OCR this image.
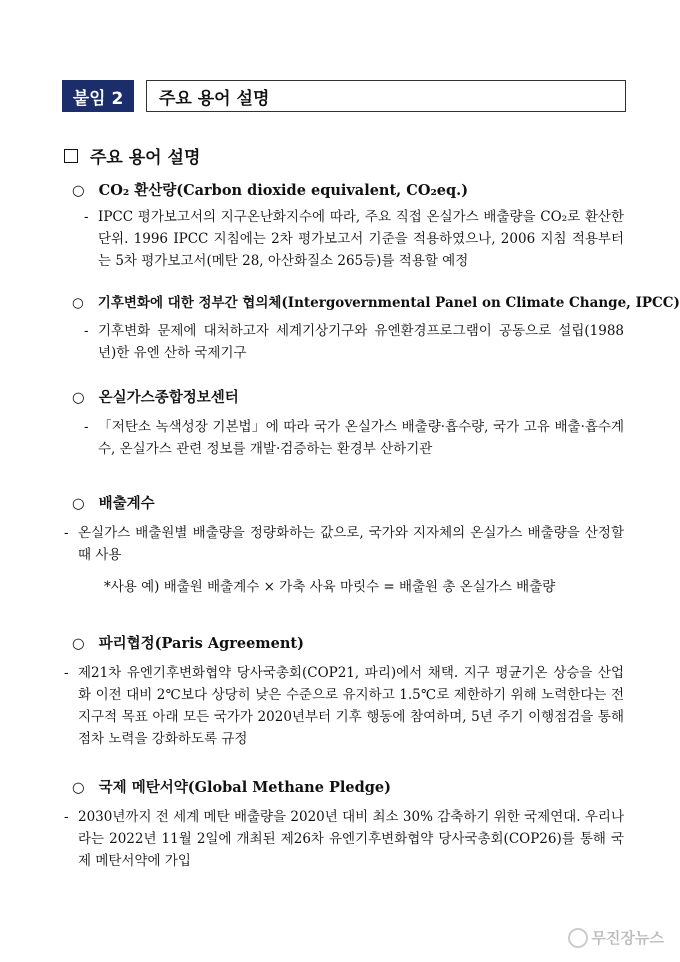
붙임 2	주요 용어 설명
주요 용어 설명
○ CO₂ 환산량(Carbon dioxide equivalent, CO₂eq.)
- IPCC 평가보고서의 지구온난화지수에 따라, 주요 직접 온실가스 배출량을 CO₂로 환산한 단위. 1996 IPCC 지침에는 2차 평가보고서 기준을 적용하였으나, 2006 지침 적용부터는 5차 평가보고서(메탄 28, 아산화질소 265등)를 적용할 예정
○ 기후변화에 대한 정부간 협의체(Intergovernmental Panel on Climate Change, IPCC)
- 기후변화 문제에 대처하고자 세계기상기구와 유엔환경프로그램이 공동으로 설립(1988년)한 유엔 산하 국제기구
○ 온실가스종합정보센터
- 「저탄소 녹색성장 기본법」에 따라 국가 온실가스 배출량·흡수량, 국가 고유 배출·흡수계수, 온실가스 관련 정보를 개발·검증하는 환경부 산하기관
○ 배출계수
- 온실가스 배출원별 배출량을 정량화하는 값으로, 국가와 지자체의 온실가스 배출량을 산정할 때 사용
*사용 예) 배출원 배출계수 × 가축 사육 마릿수 = 배출원 총 온실가스 배출량
○ 파리협정(Paris Agreement)
- 제21차 유엔기후변화협약 당사국총회(COP21, 파리)에서 채택. 지구 평균기온 상승을 산업화 이전 대비 2℃보다 상당히 낮은 수준으로 유지하고 1.5℃로 제한하기 위해 노력한다는 전 지구적 목표 아래 모든 국가가 2020년부터 기후 행동에 참여하며, 5년 주기 이행점검을 통해 점차 노력을 강화하도록 규정
○ 국제 메탄서약(Global Methane Pledge)
- 2030년까지 전 세계 메탄 배출량을 2020년 대비 최소 30% 감축하기 위한 국제연대. 우리나라는 2022년 11월 2일에 개최된 제26차 유엔기후변화협약 당사국총회(COP26)를 통해 국제 메탄서약에 가입
무진장뉴스
